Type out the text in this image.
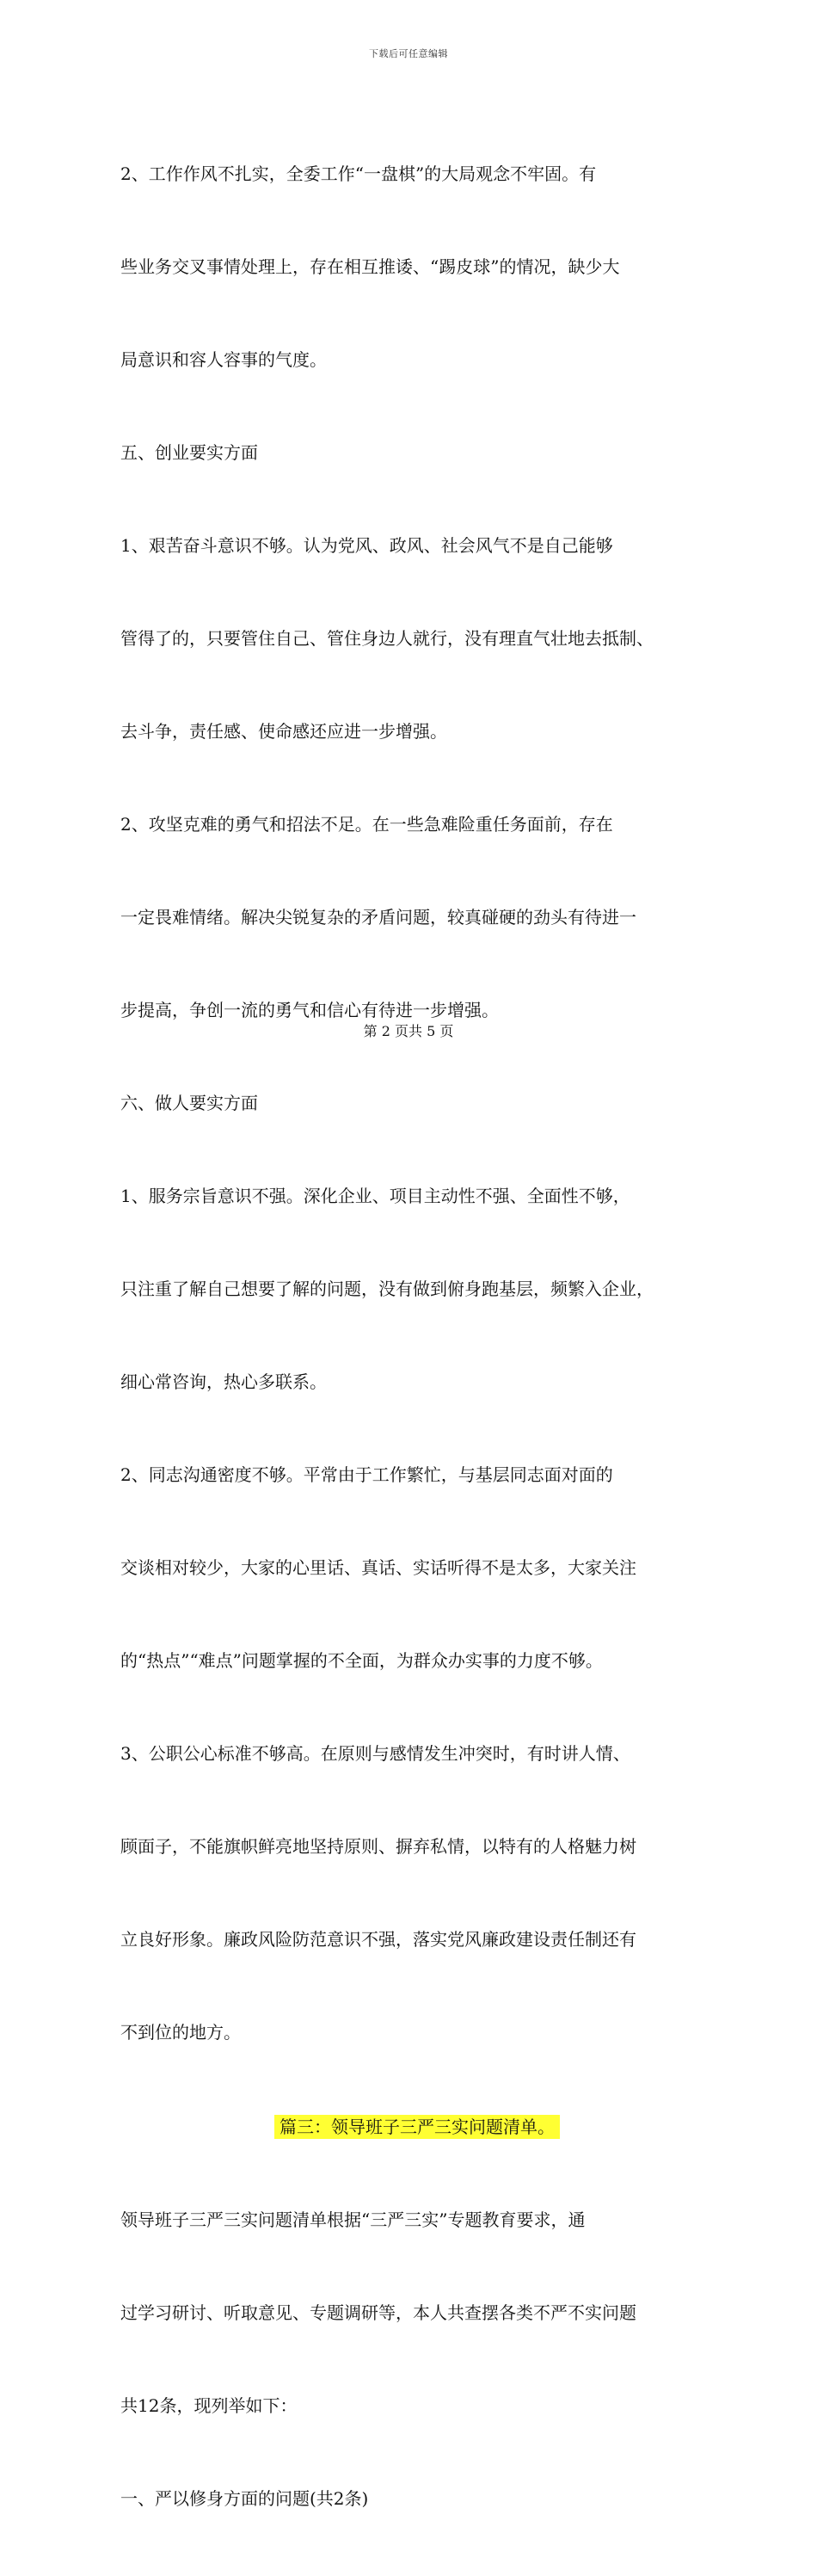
下载后可任意编辑

2、工作作风不扎实，全委工作“一盘棋”的大局观念不牢固。有

些业务交叉事情处理上，存在相互推诿、“踢皮球”的情况，缺少大

局意识和容人容事的气度。

五、创业要实方面

1、艰苦奋斗意识不够。认为党风、政风、社会风气不是自己能够

管得了的，只要管住自己、管住身边人就行，没有理直气壮地去抵制、

去斗争，责任感、使命感还应进一步增强。

2、攻坚克难的勇气和招法不足。在一些急难险重任务面前，存在

一定畏难情绪。解决尖锐复杂的矛盾问题，较真碰硬的劲头有待进一

步提高，争创一流的勇气和信心有待进一步增强。

六、做人要实方面

1、服务宗旨意识不强。深化企业、项目主动性不强、全面性不够，

只注重了解自己想要了解的问题，没有做到俯身跑基层，频繁入企业，

细心常咨询，热心多联系。

2、同志沟通密度不够。平常由于工作繁忙，与基层同志面对面的

交谈相对较少，大家的心里话、真话、实话听得不是太多，大家关注

的“热点”“难点”问题掌握的不全面，为群众办实事的力度不够。

3、公职公心标准不够高。在原则与感情发生冲突时，有时讲人情、

顾面子，不能旗帜鲜亮地坚持原则、摒弃私情，以特有的人格魅力树

立良好形象。廉政风险防范意识不强，落实党风廉政建设责任制还有

不到位的地方。

篇三：领导班子三严三实问题清单。

领导班子三严三实问题清单根据“三严三实”专题教育要求，通

过学习研讨、听取意见、专题调研等，本人共查摆各类不严不实问题

共12条，现列举如下：

一、严以修身方面的问题(共2条)

第 2 页共 5 页
